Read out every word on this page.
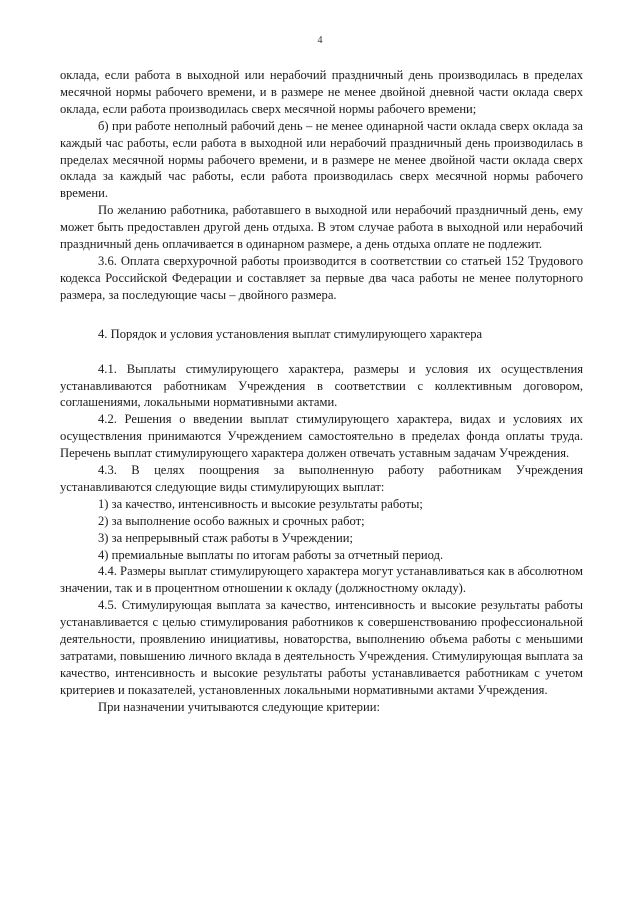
4

оклада, если работа в выходной или нерабочий праздничный день производилась в пределах месячной нормы рабочего времени, и в размере не менее двойной дневной части оклада сверх оклада, если работа производилась сверх месячной нормы рабочего времени;

б) при работе неполный рабочий день – не менее одинарной части оклада сверх оклада за каждый час работы, если работа в выходной или нерабочий праздничный день производилась в пределах месячной нормы рабочего времени, и в размере не менее двойной части оклада сверх оклада за каждый час работы, если работа производилась сверх месячной нормы рабочего времени.

По желанию работника, работавшего в выходной или нерабочий праздничный день, ему может быть предоставлен другой день отдыха. В этом случае работа в выходной или нерабочий праздничный день оплачивается в одинарном размере, а день отдыха оплате не подлежит.

3.6. Оплата сверхурочной работы производится в соответствии со статьей 152 Трудового кодекса Российской Федерации и составляет за первые два часа работы не менее полуторного размера, за последующие часы – двойного размера.

4. Порядок и условия установления выплат стимулирующего характера

4.1. Выплаты стимулирующего характера, размеры и условия их осуществления устанавливаются работникам Учреждения в соответствии с коллективным договором, соглашениями, локальными нормативными актами.

4.2. Решения о введении выплат стимулирующего характера, видах и условиях их осуществления принимаются Учреждением самостоятельно в пределах фонда оплаты труда. Перечень выплат стимулирующего характера должен отвечать уставным задачам Учреждения.

4.3. В целях поощрения за выполненную работу работникам Учреждения устанавливаются следующие виды стимулирующих выплат:

1) за качество, интенсивность и высокие результаты работы;

2) за выполнение особо важных и срочных работ;

3) за непрерывный стаж работы в Учреждении;

4) премиальные выплаты по итогам работы за отчетный период.

4.4. Размеры выплат стимулирующего характера могут устанавливаться как в абсолютном значении, так и в процентном отношении к окладу (должностному окладу).

4.5. Стимулирующая выплата за качество, интенсивность и высокие результаты работы устанавливается с целью стимулирования работников к совершенствованию профессиональной деятельности, проявлению инициативы, новаторства, выполнению объема работы с меньшими затратами, повышению личного вклада в деятельность Учреждения. Стимулирующая выплата за качество, интенсивность и высокие результаты работы устанавливается работникам с учетом критериев и показателей, установленных локальными нормативными актами Учреждения.

При назначении учитываются следующие критерии:
